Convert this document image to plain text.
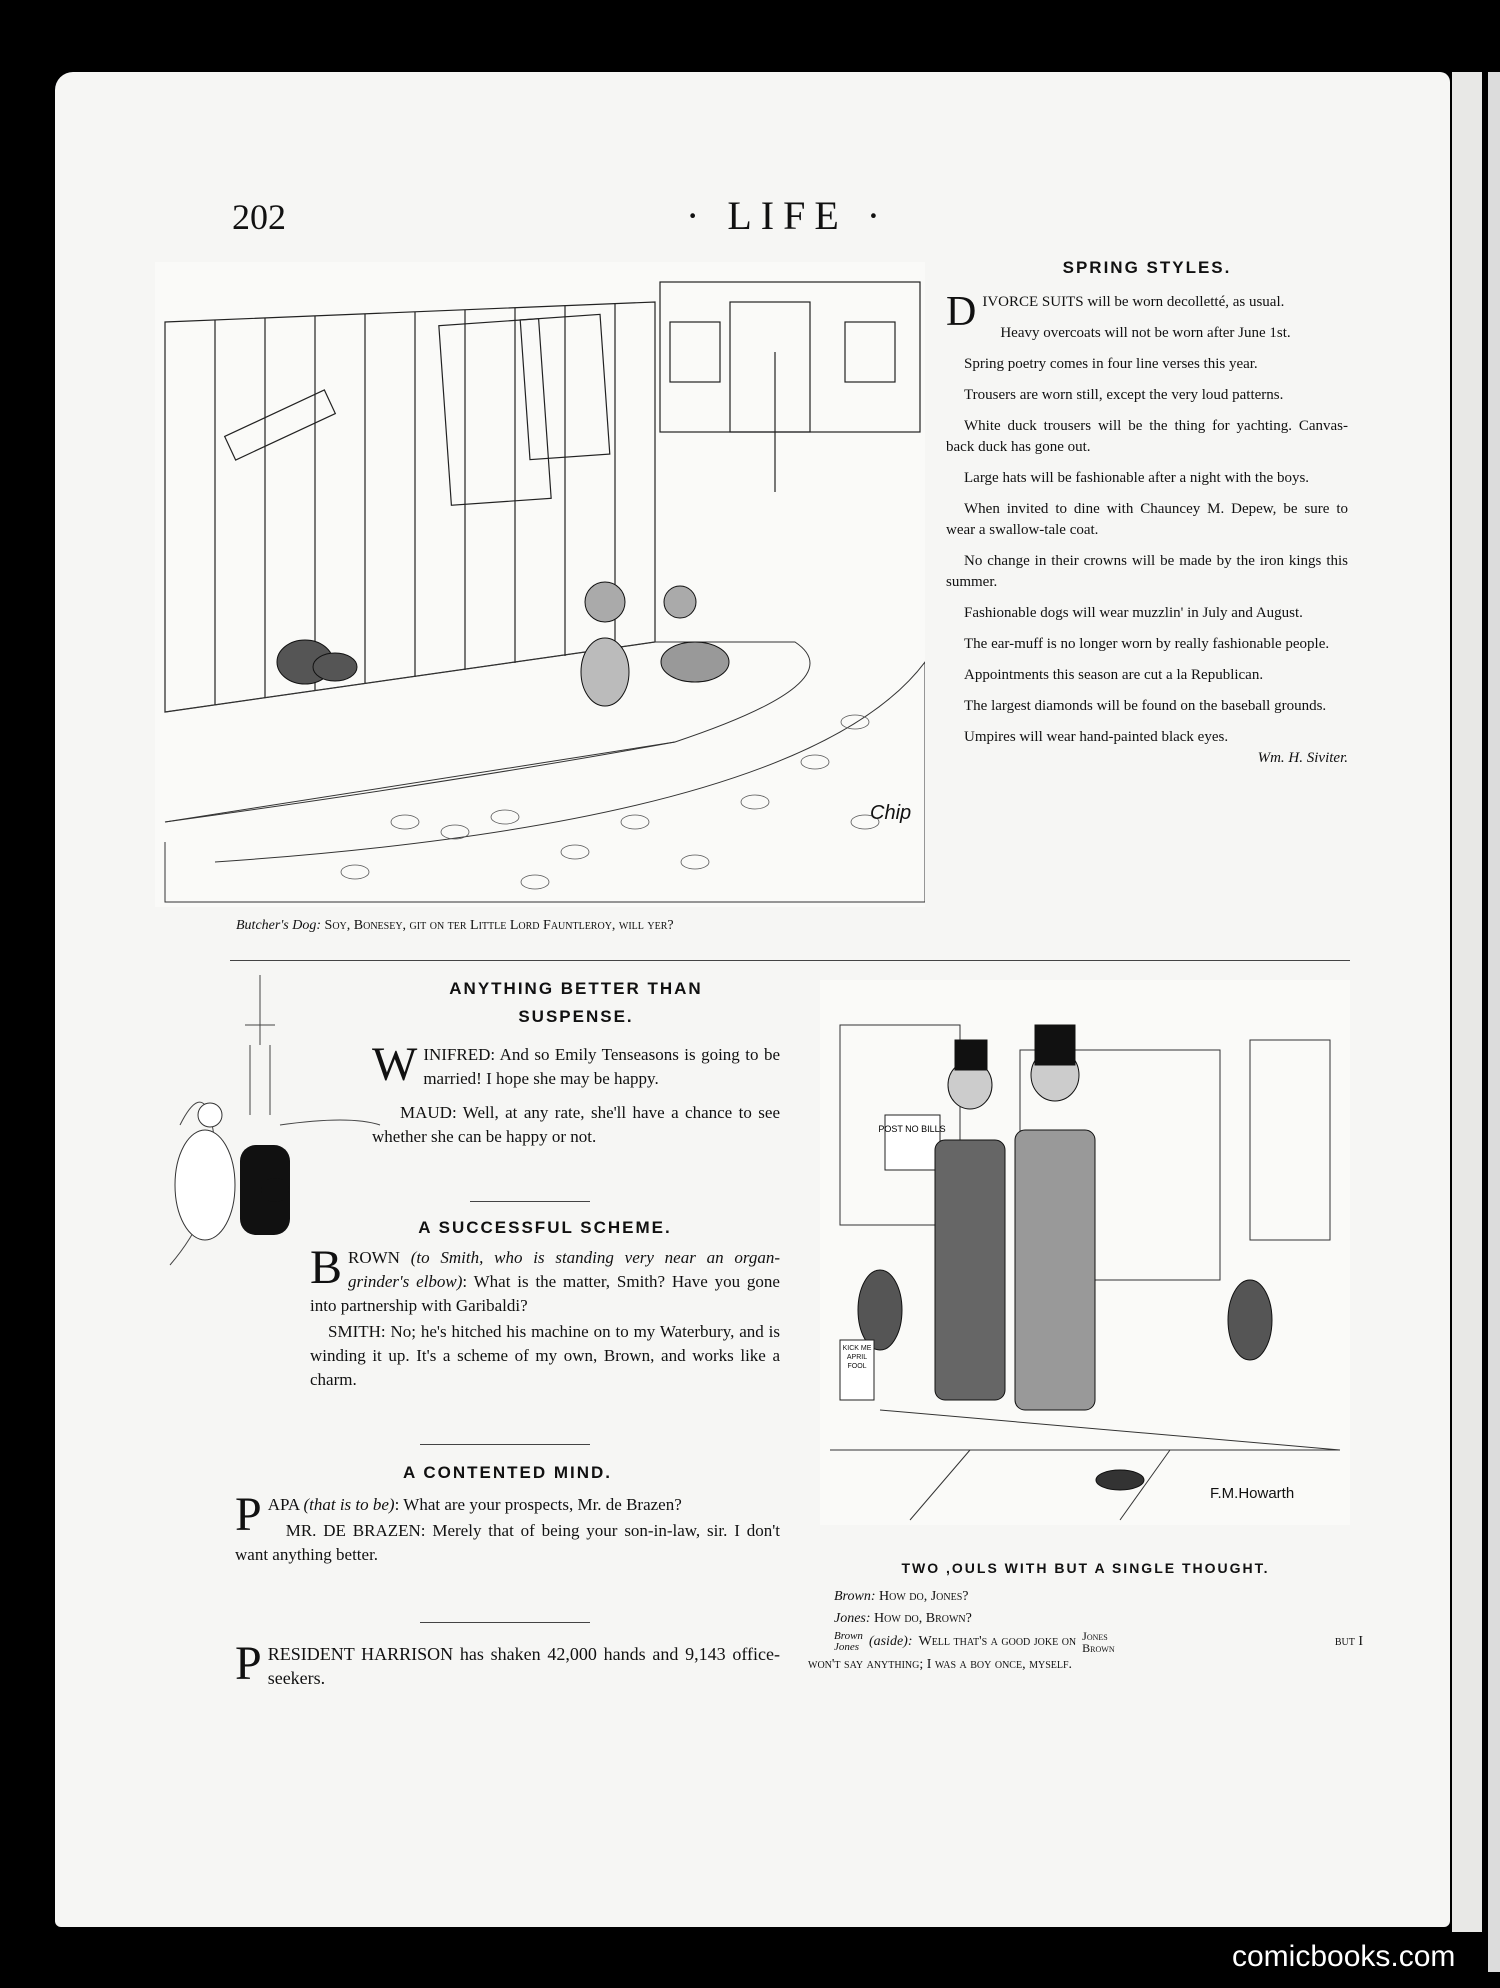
202	· LIFE ·
Chip
Butcher's Dog: Soy, Bonesey, git on ter Little Lord Fauntleroy, will yer?
SPRING STYLES.

DIVORCE SUITS will be worn decolletté, as usual.

Heavy overcoats will not be worn after June 1st.

Spring poetry comes in four line verses this year.

Trousers are worn still, except the very loud patterns.

White duck trousers will be the thing for yachting. Canvas-back duck has gone out.

Large hats will be fashionable after a night with the boys.

When invited to dine with Chauncey M. Depew, be sure to wear a swallow-tale coat.

No change in their crowns will be made by the iron kings this summer.

Fashionable dogs will wear muzzlin' in July and August.

The ear-muff is no longer worn by really fashionable people.

Appointments this season are cut a la Republican.

The largest diamonds will be found on the baseball grounds.

Umpires will wear hand-painted black eyes.

Wm. H. Siviter.
ANYTHING BETTER THAN
SUSPENSE.

WINIFRED: And so Emily Tenseasons is going to be married! I hope she may be happy.

MAUD: Well, at any rate, she'll have a chance to see whether she can be happy or not.

A SUCCESSFUL SCHEME.

BROWN (to Smith, who is standing very near an organ-grinder's elbow): What is the matter, Smith? Have you gone into partnership with Garibaldi?

SMITH: No; he's hitched his machine on to my Waterbury, and is winding it up. It's a scheme of my own, Brown, and works like a charm.

A CONTENTED MIND.

PAPA (that is to be): What are your prospects, Mr. de Brazen?

MR. DE BRAZEN: Merely that of being your son-in-law, sir. I don't want anything better.

PRESIDENT HARRISON has shaken 42,000 hands and 9,143 office-seekers.

POST NO BILLS
KICK ME APRIL FOOL
F.M.Howarth
TWO ,OULS WITH BUT A SINGLE THOUGHT.
Brown: How do, Jones?
Jones: How do, Brown?
Brown
Jones (aside): Well that's a good joke on Jones
Brown	but I
won't say anything; I was a boy once, myself.
comicbooks.com
